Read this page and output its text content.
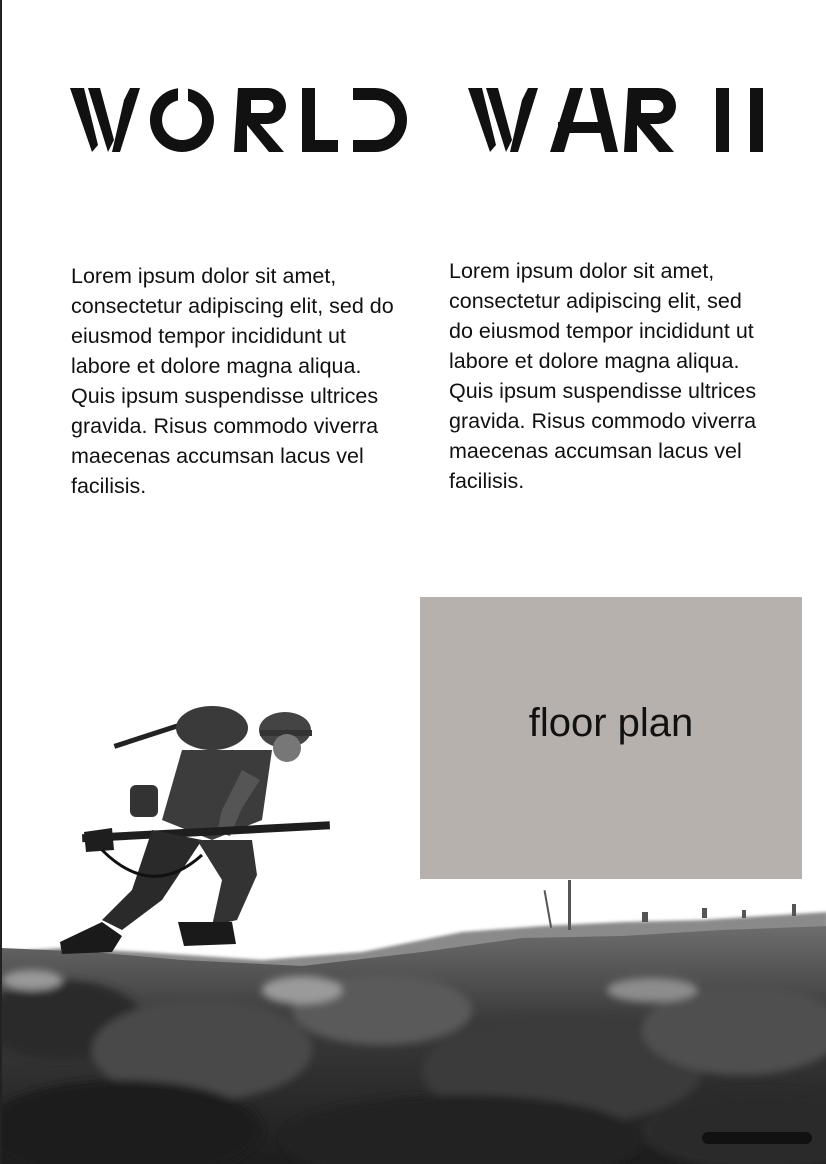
Lorem ipsum dolor sit amet, consectetur adipiscing elit, sed do eiusmod tempor incididunt ut labore et dolore magna aliqua. Quis ipsum suspendisse ultrices gravida. Risus commodo viverra maecenas accumsan lacus vel facilisis.

Lorem ipsum dolor sit amet, consectetur adipiscing elit, sed do eiusmod tempor incididunt ut labore et dolore magna aliqua. Quis ipsum suspendisse ultrices gravida. Risus commodo viverra maecenas accumsan lacus vel facilisis.

floor plan
